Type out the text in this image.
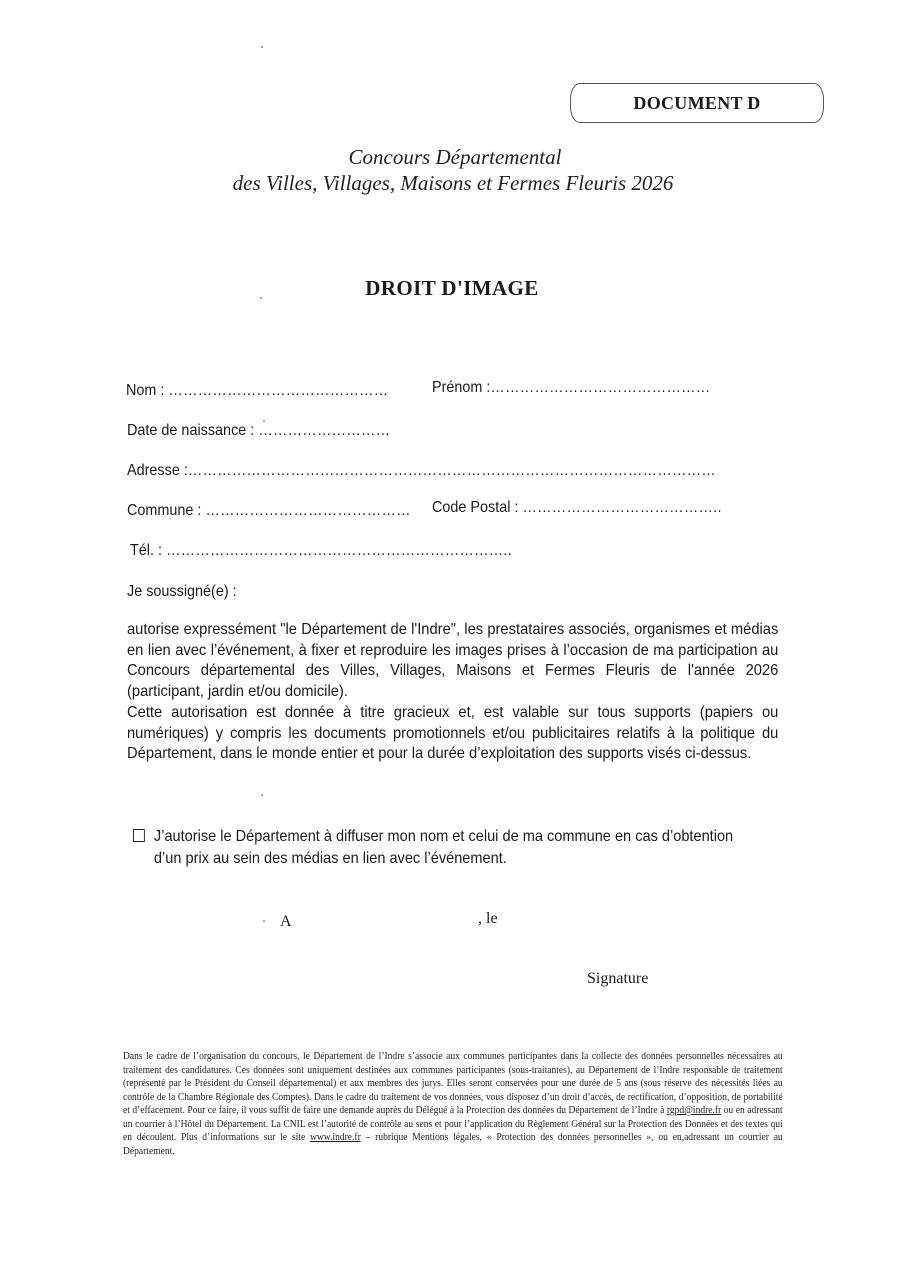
DOCUMENT D
Concours Départemental
des Villes, Villages, Maisons et Fermes Fleuris 2026
DROIT D'IMAGE
Nom : ………………………………………	Prénom :………………………………………
Date de naissance : ………………………
Adresse :………………………………………………………………………………………………
Commune : …………………………………… Code Postal : …………………………………..
Tél. : ……………………………………………………………..
Je soussigné(e) :
autorise expressément "le Département de l'Indre", les prestataires associés, organismes et médias en lien avec l’événement, à fixer et reproduire les images prises à l’occasion de ma participation au Concours départemental des Villes, Villages, Maisons et Fermes Fleuris de l'année 2026 (participant, jardin et/ou domicile).
Cette autorisation est donnée à titre gracieux et, est valable sur tous supports (papiers ou numériques) y compris les documents promotionnels et/ou publicitaires relatifs à la politique du Département, dans le monde entier et pour la durée d’exploitation des supports visés ci-dessus.
J’autorise le Département à diffuser mon nom et celui de ma commune en cas d’obtention
d’un prix au sein des médias en lien avec l’événement.
A	, le
Signature
Dans le cadre de l’organisation du concours, le Département de l’Indre s’associe aux communes participantes dans la collecte des données personnelles nécessaires au traitement des candidatures. Ces données sont uniquement destinées aux communes participantes (sous-traitantes), au Département de l’Indre responsable de traitement (représenté par le Président du Conseil départemental) et aux membres des jurys. Elles seront conservées pour une durée de 5 ans (sous réserve des nécessités liées au contrôle de la Chambre Régionale des Comptes). Dans le cadre du traitement de vos données, vous disposez d’un droit d’accès, de rectification, d’opposition, de portabilité et d’effacement. Pour ce faire, il vous suffit de faire une demande auprès du Délégué à la Protection des données du Département de l’Indre à rgpd@indre.fr ou en adressant un courrier à l’Hôtel du Département. La CNIL est l’autorité de contrôle au sens et pour l’application du Règlement Général sur la Protection des Données et des textes qui en découlent. Plus d’informations sur le site www.indre.fr – rubrique Mentions légales, « Protection des données personnelles », ou en,adressant un courrier au Département.
